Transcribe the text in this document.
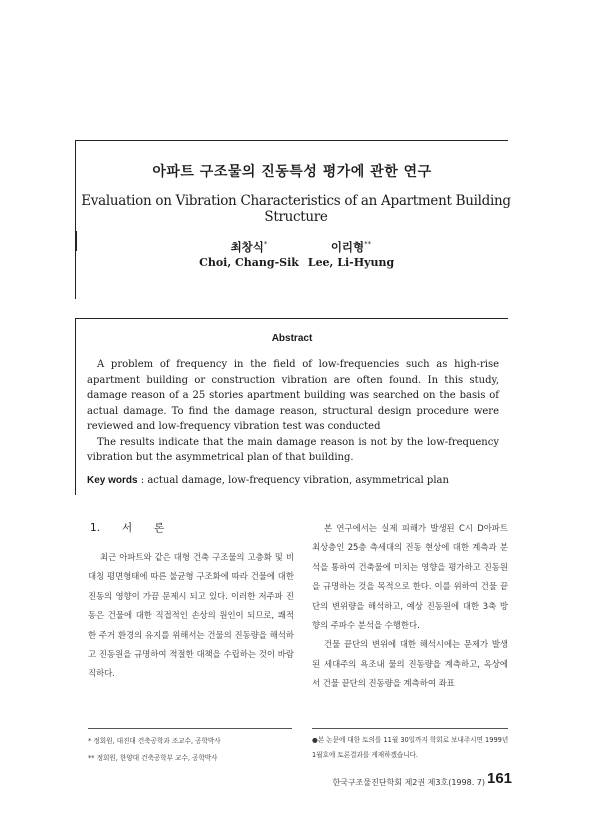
아파트 구조물의 진동특성 평가에 관한 연구
Evaluation on Vibration Characteristics of an Apartment Building Structure
최창식*
Choi, Chang-Sik
이리형**
Lee, Li-Hyung
Abstract

A problem of frequency in the field of low-frequencies such as high-rise apartment building or construction vibration are often found. In this study, damage reason of a 25 stories apartment building was searched on the basis of actual damage. To find the damage reason, structural design procedure were reviewed and low-frequency vibration test was conducted

The results indicate that the main damage reason is not by the low-frequency vibration but the asymmetrical plan of that building.

Key words : actual damage, low-frequency vibration, asymmetrical plan
1. 서론

최근 아파트와 같은 대형 건축 구조물의 고층화 및 비대칭 평면형태에 따른 불균형 구조화에 따라 건물에 대한 진동의 영향이 가끔 문제시 되고 있다. 이러한 저주파 진동은 건물에 대한 직접적인 손상의 원인이 되므로, 쾌적한 주거 환경의 유지를 위해서는 건물의 진동량을 해석하고 진동원을 규명하여 적절한 대책을 수립하는 것이 바람직하다.

본 연구에서는 실제 피해가 발생된 C시 D아파트 최상층인 25층 측세대의 진동 현상에 대한 계측과 분석을 통하여 건축물에 미치는 영향을 평가하고 진동원을 규명하는 것을 목적으로 한다. 이를 위하여 건물 끝단의 변위량을 해석하고, 예상 진동원에 대한 3축 방향의 주파수 분석을 수행한다.

건물 끝단의 변위에 대한 해석시에는 문제가 발생된 세대주의 욕조내 물의 진동량을 계측하고, 옥상에서 건물 끝단의 진동량을 계측하여 좌표

* 정회원, 대진대 건축공학과 조교수, 공학박사
** 정회원, 한양대 건축공학부 교수, 공학박사
●본 논문에 대한 토의를 11월 30일까지 학회로 보내주시면 1999년 1월호에 토론결과를 게재하겠습니다.
한국구조물진단학회 제2권 제3호(1998. 7) 161
